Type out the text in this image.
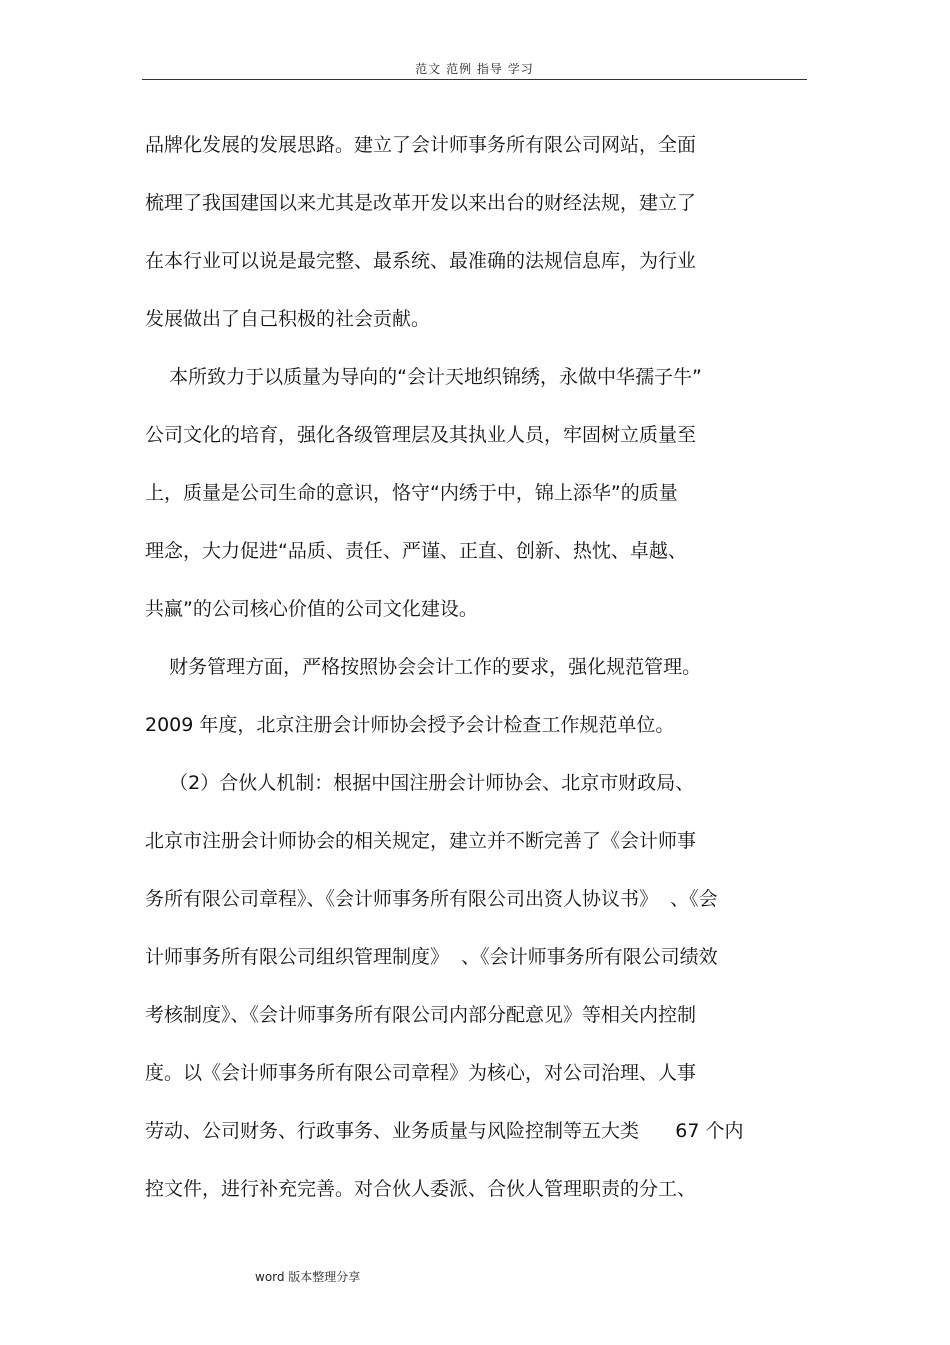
范文 范例 指导 学习
品牌化发展的发展思路。建立了会计师事务所有限公司网站，全面
梳理了我国建国以来尤其是改革开发以来出台的财经法规，建立了
在本行业可以说是最完整、最系统、最准确的法规信息库，为行业
发展做出了自己积极的社会贡献。
本所致力于以质量为导向的“会计天地织锦绣，永做中华孺子牛”
公司文化的培育，强化各级管理层及其执业人员，牢固树立质量至
上，质量是公司生命的意识，恪守“内绣于中，锦上添华”的质量
理念，大力促进“品质、责任、严谨、正直、创新、热忱、卓越、
共赢”的公司核心价值的公司文化建设。
财务管理方面，严格按照协会会计工作的要求，强化规范管理。
2009 年度，北京注册会计师协会授予会计检查工作规范单位。
（2）合伙人机制：根据中国注册会计师协会、北京市财政局、
北京市注册会计师协会的相关规定，建立并不断完善了《会计师事
务所有限公司章程》、《会计师事务所有限公司出资人协议书》  、《会
计师事务所有限公司组织管理制度》  、《会计师事务所有限公司绩效
考核制度》、《会计师事务所有限公司内部分配意见》等相关内控制
度。以《会计师事务所有限公司章程》为核心，对公司治理、人事
劳动、公司财务、行政事务、业务质量与风险控制等五大类      67 个内
控文件，进行补充完善。对合伙人委派、合伙人管理职责的分工、
word 版本整理分享
